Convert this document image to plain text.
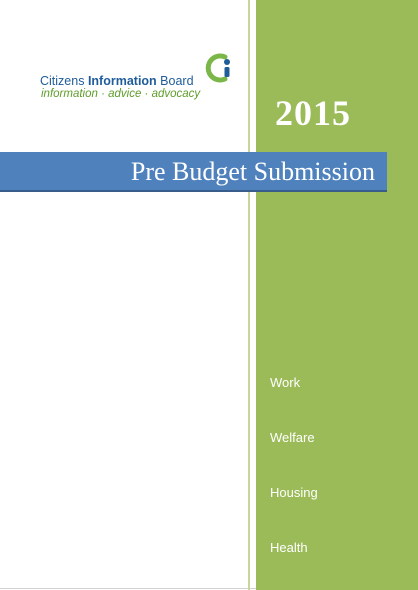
Citizens Information Board
information · advice · advocacy	2015
Pre Budget Submission
Work
Welfare
Housing
Health
